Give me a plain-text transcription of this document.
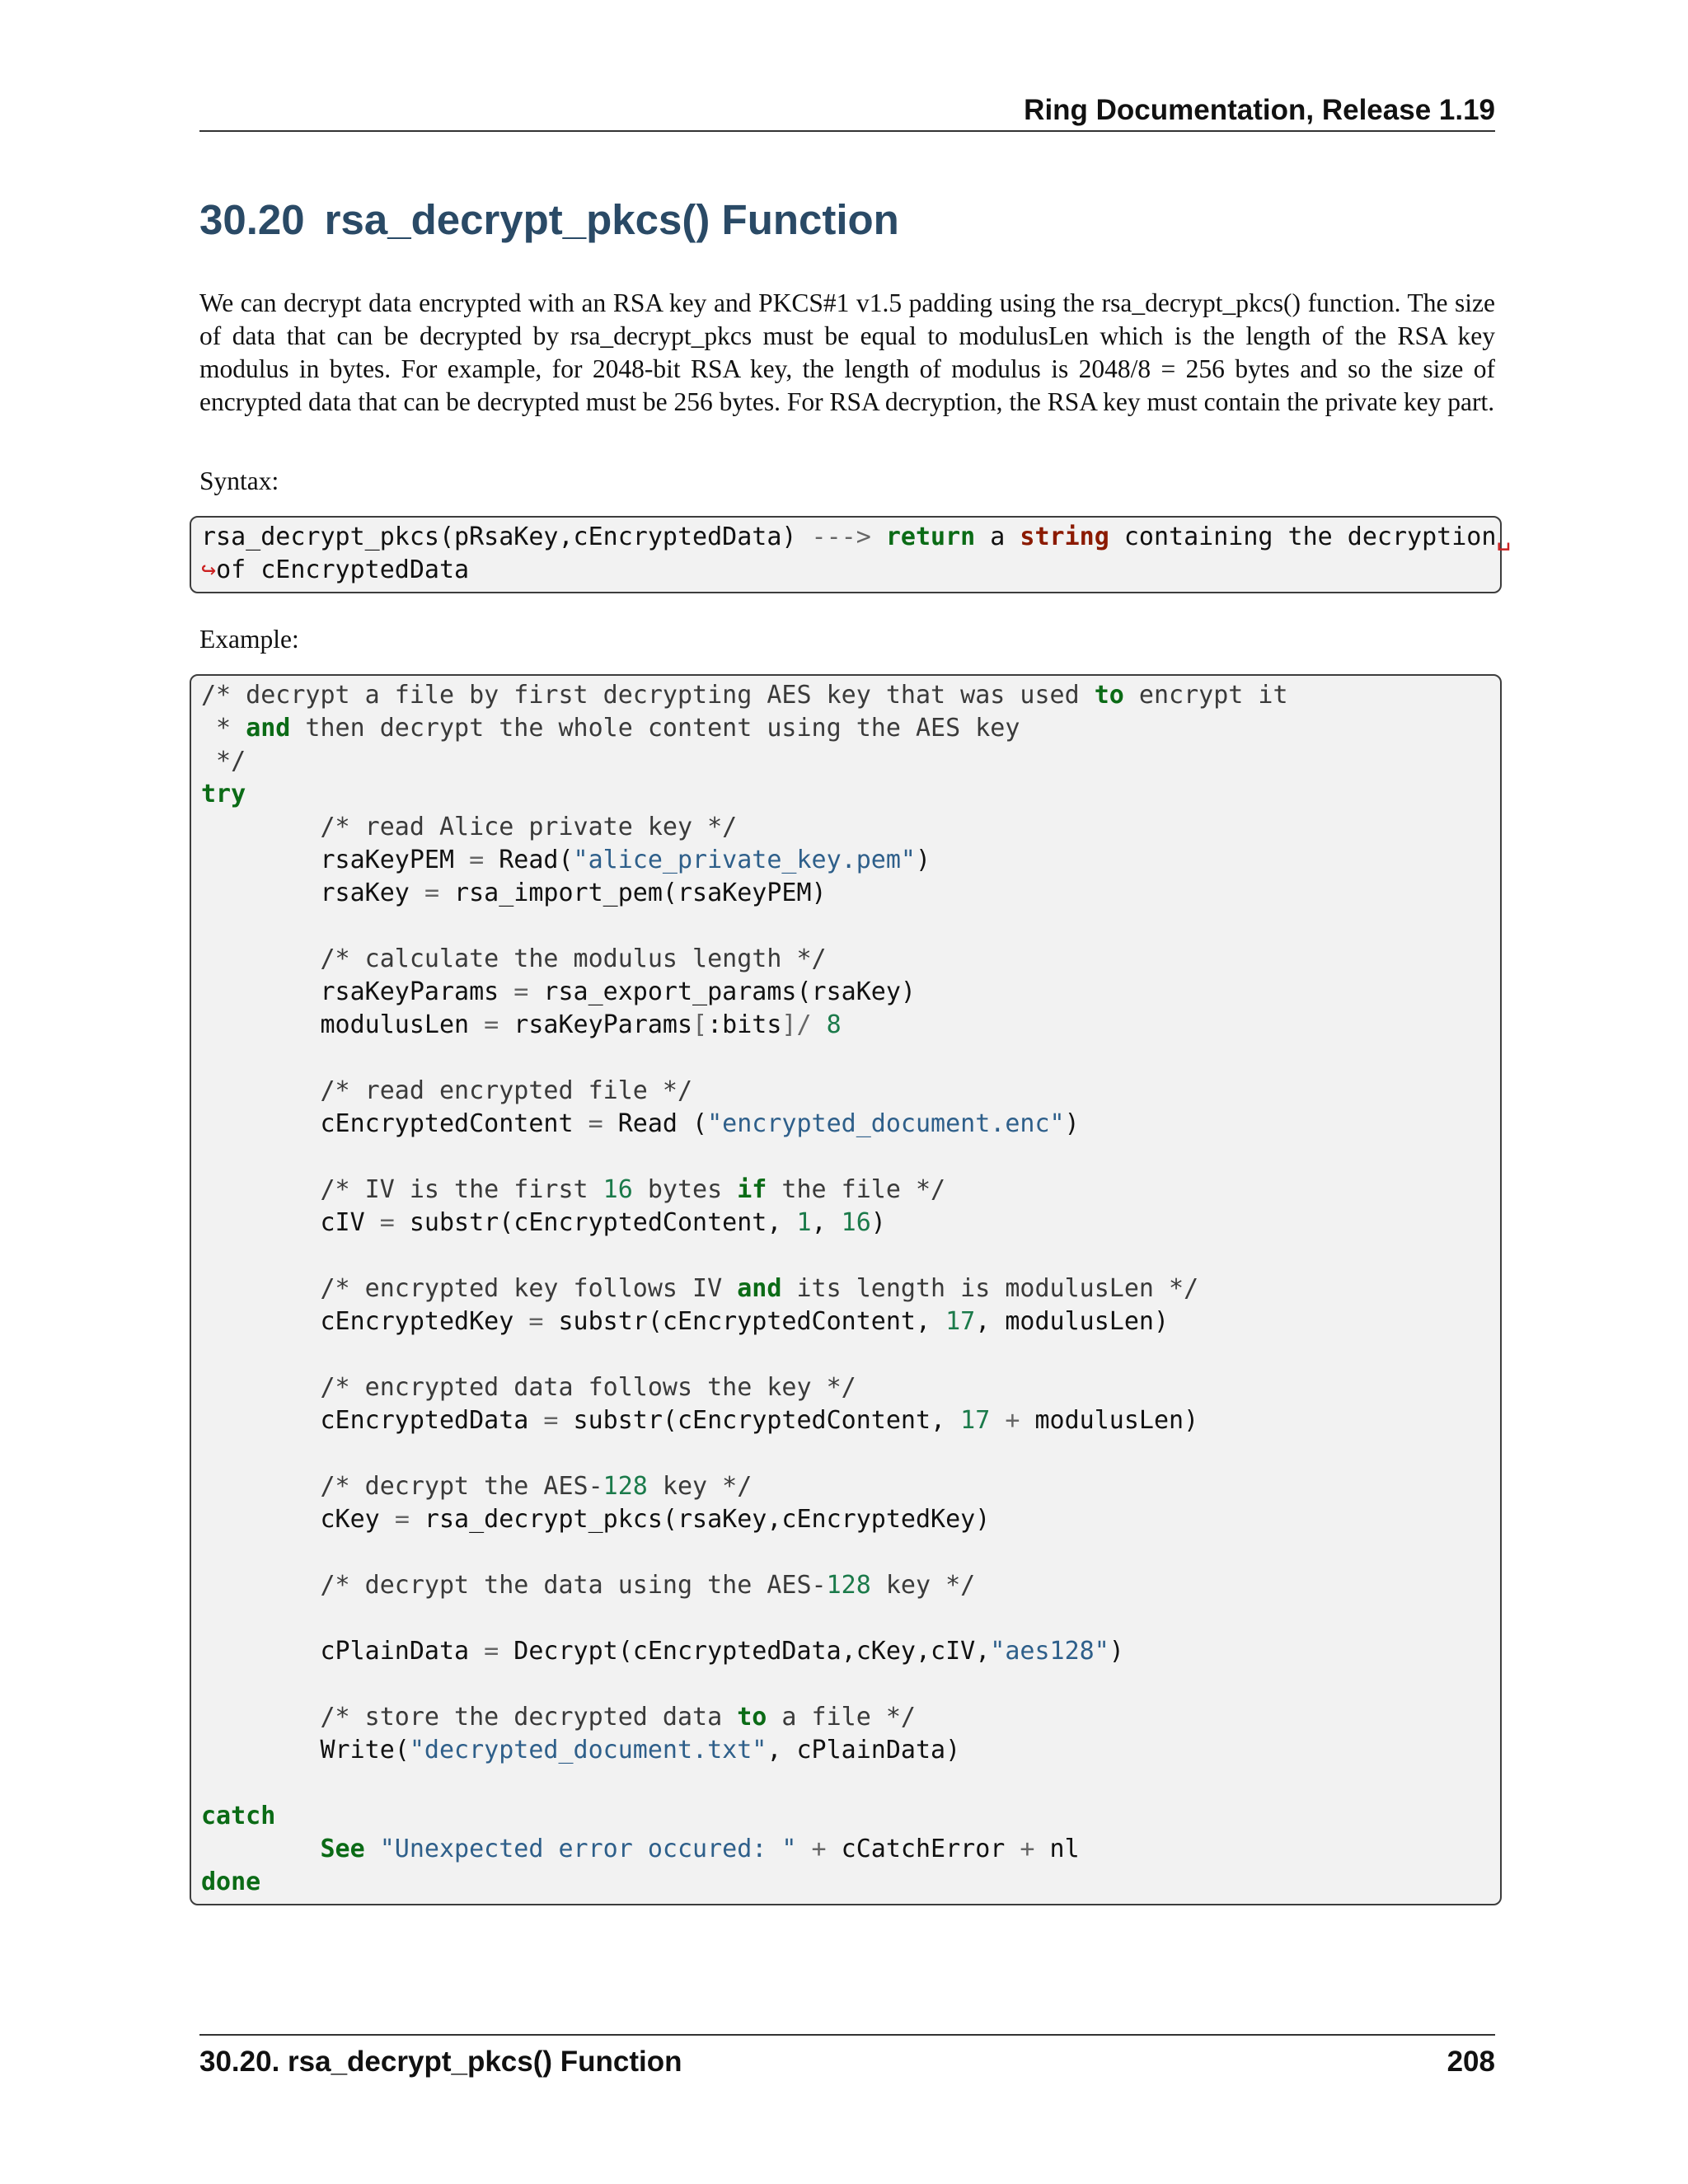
Ring Documentation, Release 1.19
30.20 rsa_decrypt_pkcs() Function

We can decrypt data encrypted with an RSA key and PKCS#1 v1.5 padding using the rsa_decrypt_pkcs() function. The size of data that can be decrypted by rsa_decrypt_pkcs must be equal to modulusLen which is the length of the RSA key modulus in bytes. For example, for 2048-bit RSA key, the length of modulus is 2048/8 = 256 bytes and so the size of encrypted data that can be decrypted must be 256 bytes. For RSA decryption, the RSA key must contain the private key part.

Syntax:

rsa_decrypt_pkcs(pRsaKey,cEncryptedData) ---> return a string containing the decryption␣
↪of cEncryptedData

Example:

/* decrypt a file by first decrypting AES key that was used to encrypt it
* and then decrypt the whole content using the AES key
*/
try
/* read Alice private key */
rsaKeyPEM = Read("alice_private_key.pem")
rsaKey = rsa_import_pem(rsaKeyPEM)

/* calculate the modulus length */
rsaKeyParams = rsa_export_params(rsaKey)
modulusLen = rsaKeyParams[:bits]/ 8

/* read encrypted file */
cEncryptedContent = Read ("encrypted_document.enc")

/* IV is the first 16 bytes if the file */
cIV = substr(cEncryptedContent, 1, 16)

/* encrypted key follows IV and its length is modulusLen */
cEncryptedKey = substr(cEncryptedContent, 17, modulusLen)

/* encrypted data follows the key */
cEncryptedData = substr(cEncryptedContent, 17 + modulusLen)

/* decrypt the AES-128 key */
cKey = rsa_decrypt_pkcs(rsaKey,cEncryptedKey)

/* decrypt the data using the AES-128 key */

cPlainData = Decrypt(cEncryptedData,cKey,cIV,"aes128")

/* store the decrypted data to a file */
Write("decrypted_document.txt", cPlainData)

catch
See "Unexpected error occured: " + cCatchError + nl
done
30.20. rsa_decrypt_pkcs() Function	208
